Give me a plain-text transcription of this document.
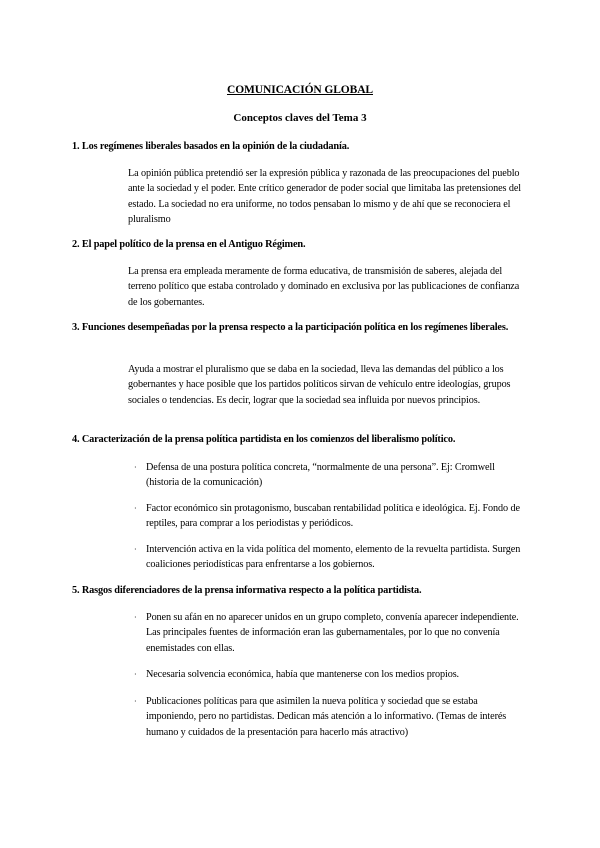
COMUNICACIÓN GLOBAL
Conceptos claves del Tema 3
1. Los regímenes liberales basados en la opinión de la ciudadanía.
La opinión pública pretendió ser la expresión pública y razonada de las preocupaciones del pueblo ante la sociedad y el poder. Ente crítico generador de poder social que limitaba las pretensiones del estado. La sociedad no era uniforme, no todos pensaban lo mismo y de ahí que se reconociera el pluralismo
2. El papel político de la prensa en el Antiguo Régimen.
La prensa era empleada meramente de forma educativa, de transmisión de saberes, alejada del terreno político que estaba controlado y dominado en exclusiva por las publicaciones de confianza de los gobernantes.
3. Funciones desempeñadas por la prensa respecto a la participación política en los regímenes liberales.
Ayuda a mostrar el pluralismo que se daba en la sociedad, lleva las demandas del público a los gobernantes y hace posible que los partidos políticos sirvan de vehículo entre ideologías, grupos sociales o tendencias. Es decir, lograr que la sociedad sea influida por nuevos principios.
4. Caracterización de la prensa política partidista en los comienzos del liberalismo político.
· Defensa de una postura política concreta, “normalmente de una persona”. Ej: Cromwell (historia de la comunicación)
· Factor económico sin protagonismo, buscaban rentabilidad política e ideológica. Ej. Fondo de reptiles, para comprar a los periodistas y periódicos.
· Intervención activa en la vida política del momento, elemento de la revuelta partidista. Surgen coaliciones periodísticas para enfrentarse a los gobiernos.
5. Rasgos diferenciadores de la prensa informativa respecto a la política partidista.
· Ponen su afán en no aparecer unidos en un grupo completo, convenía aparecer independiente. Las principales fuentes de información eran las gubernamentales, por lo que no convenía enemistades con ellas.
· Necesaria solvencia económica, había que mantenerse con los medios propios.
· Publicaciones políticas para que asimilen la nueva política y sociedad que se estaba imponiendo, pero no partidistas. Dedican más atención a lo informativo. (Temas de interés humano y cuidados de la presentación para hacerlo más atractivo)
